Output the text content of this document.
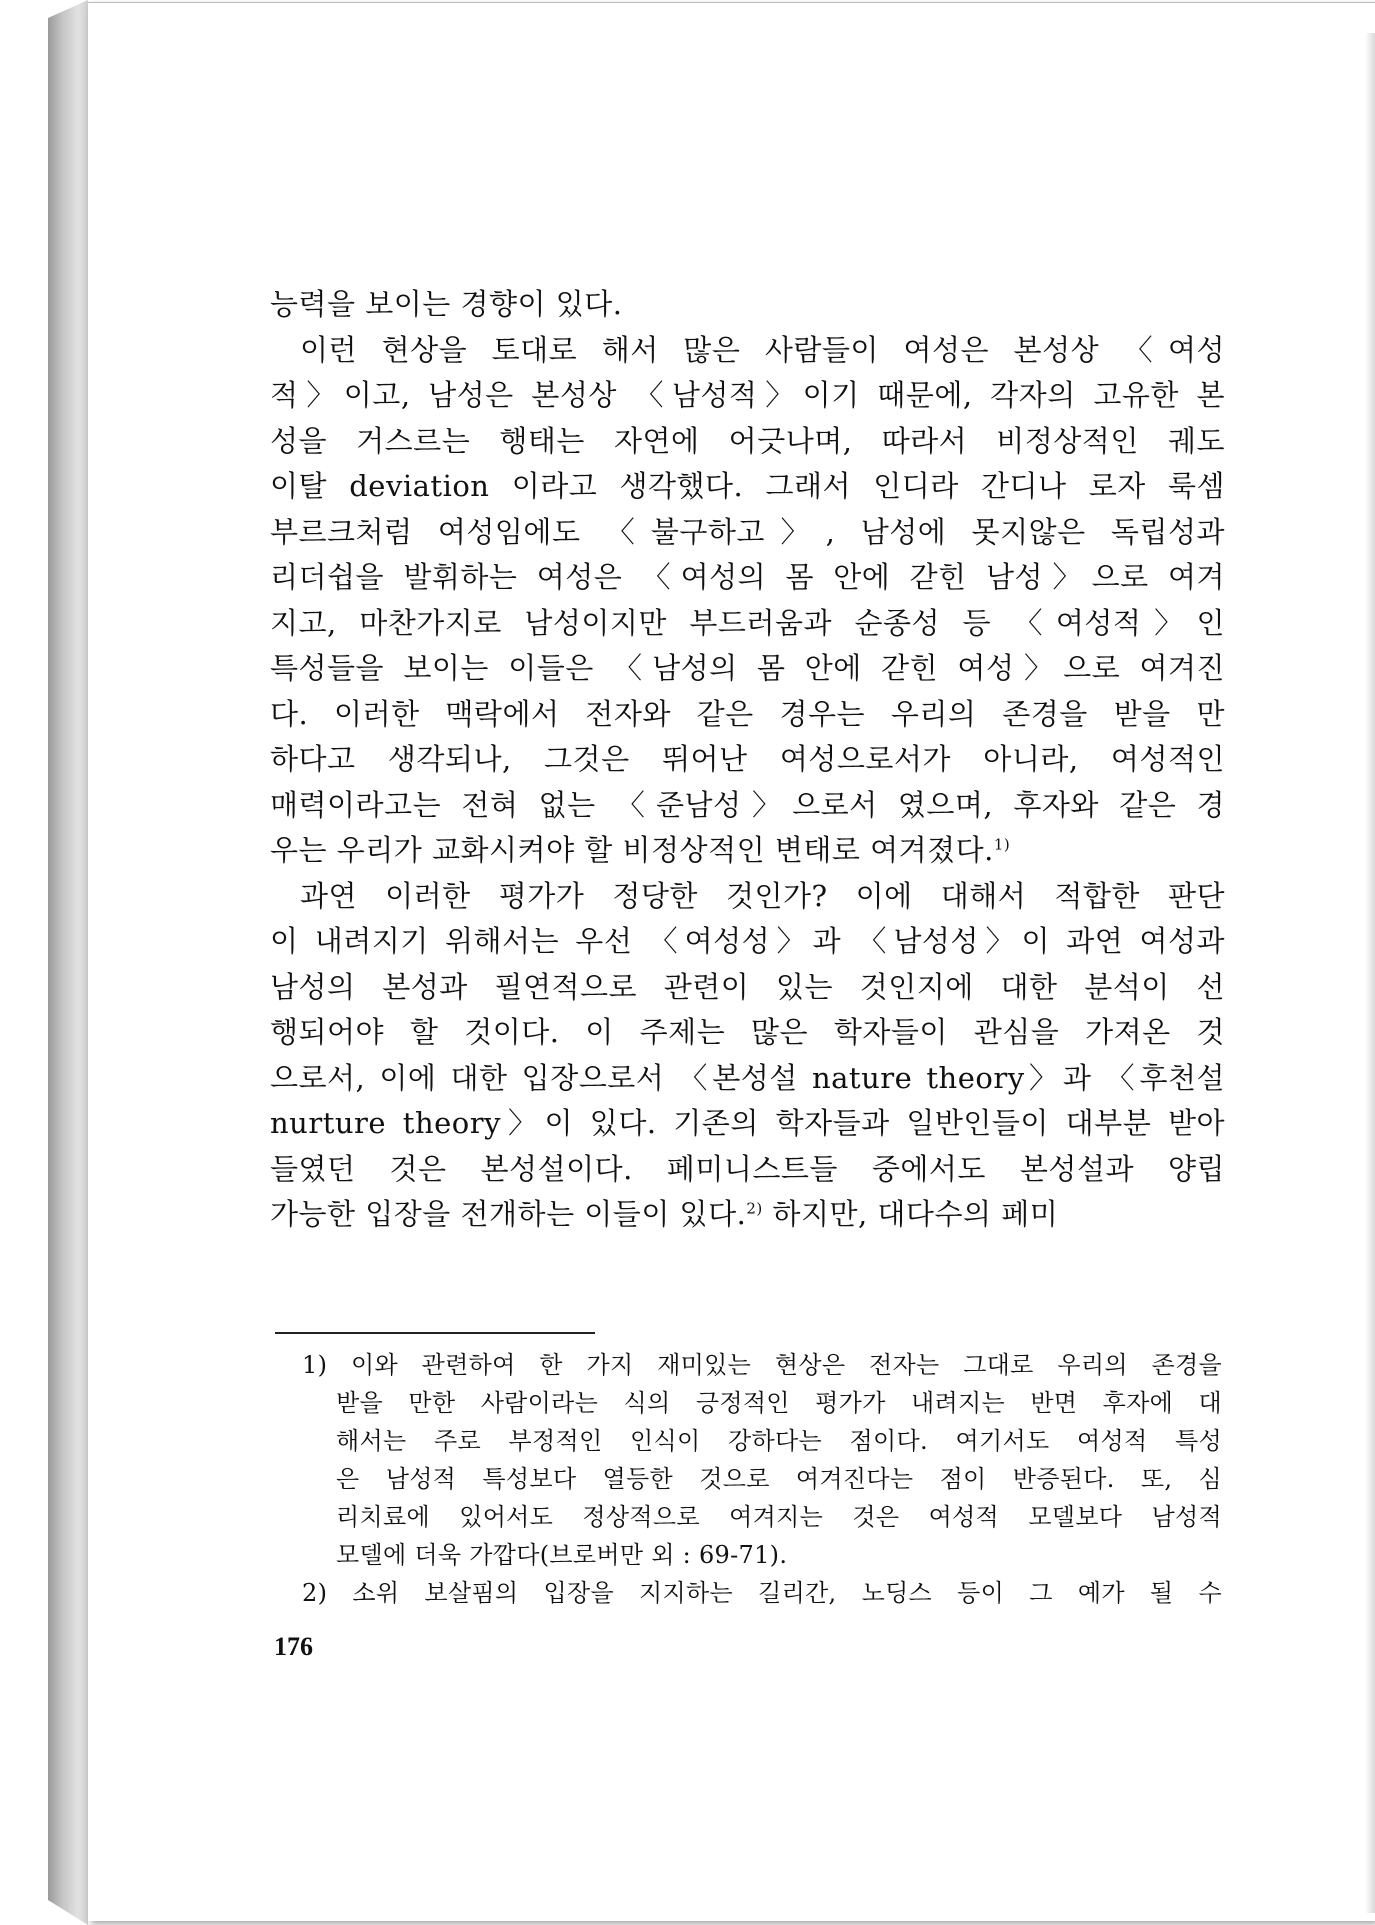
능력을 보이는 경향이 있다.
이런 현상을 토대로 해서 많은 사람들이 여성은 본성상 〈여성
적〉이고, 남성은 본성상 〈남성적〉이기 때문에, 각자의 고유한 본
성을 거스르는 행태는 자연에 어긋나며, 따라서 비정상적인 궤도
이탈 deviation 이라고 생각했다. 그래서 인디라 간디나 로자 룩셈
부르크처럼 여성임에도 〈불구하고〉, 남성에 못지않은 독립성과
리더쉽을 발휘하는 여성은 〈여성의 몸 안에 갇힌 남성〉으로 여겨
지고, 마찬가지로 남성이지만 부드러움과 순종성 등 〈여성적〉인
특성들을 보이는 이들은 〈남성의 몸 안에 갇힌 여성〉으로 여겨진
다. 이러한 맥락에서 전자와 같은 경우는 우리의 존경을 받을 만
하다고 생각되나, 그것은 뛰어난 여성으로서가 아니라, 여성적인
매력이라고는 전혀 없는 〈준남성〉으로서 였으며, 후자와 같은 경
우는 우리가 교화시켜야 할 비정상적인 변태로 여겨졌다.$^{1)}$
과연 이러한 평가가 정당한 것인가? 이에 대해서 적합한 판단
이 내려지기 위해서는 우선 〈여성성〉과 〈남성성〉이 과연 여성과
남성의 본성과 필연적으로 관련이 있는 것인지에 대한 분석이 선
행되어야 할 것이다. 이 주제는 많은 학자들이 관심을 가져온 것
으로서, 이에 대한 입장으로서 〈본성설 nature theory〉과 〈후천설
nurture theory〉이 있다. 기존의 학자들과 일반인들이 대부분 받아
들였던 것은 본성설이다. 페미니스트들 중에서도 본성설과 양립
가능한 입장을 전개하는 이들이 있다.$^{2)}$ 하지만, 대다수의 페미
1) 이와 관련하여 한 가지 재미있는 현상은 전자는 그대로 우리의 존경을
받을 만한 사람이라는 식의 긍정적인 평가가 내려지는 반면 후자에 대
해서는 주로 부정적인 인식이 강하다는 점이다. 여기서도 여성적 특성
은 남성적 특성보다 열등한 것으로 여겨진다는 점이 반증된다. 또, 심
리치료에 있어서도 정상적으로 여겨지는 것은 여성적 모델보다 남성적
모델에 더욱 가깝다(브로버만 외 : 69-71).
2) 소위 보살핌의 입장을 지지하는 길리간, 노딩스 등이 그 예가 될 수
176
